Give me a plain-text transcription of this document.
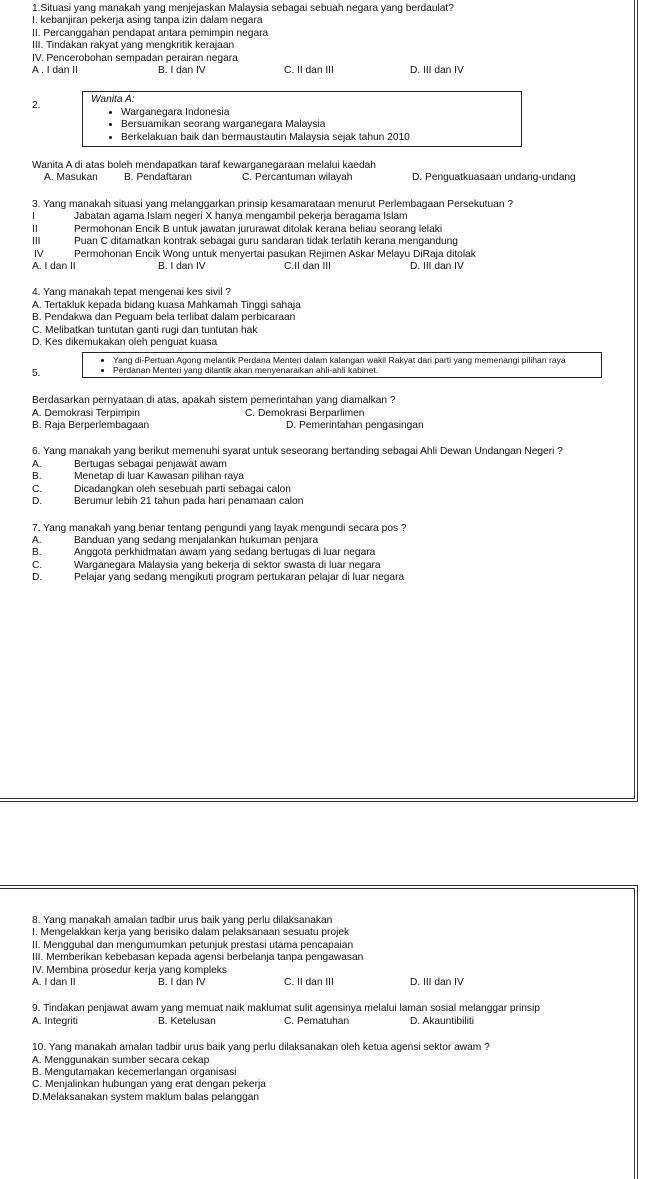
1.Situasi yang manakah yang menjejaskan Malaysia sebagai sebuah negara yang berdaulat?
I. kebanjiran pekerja asing tanpa izin dalam negara
II. Percanggahan pendapat antara pemimpin negara
III. Tindakan rakyat yang mengkritik kerajaan
IV. Pencerobohan sempadan perairan negara
A . I dan II	B. I dan IV	C. II dan III	D. III dan IV
2.
Wanita A:
• Warganegara Indonesia
• Bersuamikan seorang warganegara Malaysia
• Berkelakuan baik dan bermaustautin Malaysia sejak tahun 2010
Wanita A di atas boleh mendapatkan taraf kewarganegaraan melalui kaedah
A. Masukan	B. Pendaftaran	C. Percantuman wilayah	D. Penguatkuasaan undang-undang
3. Yang manakah situasi yang melanggarkan prinsip kesamarataan menurut Perlembagaan Persekutuan ?
I	Jabatan agama Islam negeri X hanya mengambil pekerja beragama Islam
II	Permohonan Encik B untuk jawatan jururawat ditolak kerana beliau seorang lelaki
III	Puan C ditamatkan kontrak sebagai guru sandaran tidak terlatih kerana mengandung
IV	Permohonan Encik Wong untuk menyertai pasukan Rejimen Askar Melayu DiRaja ditolak
A. I dan II	B. I dan IV	C.II dan III	D. III dan IV
4. Yang manakah tepat mengenai kes sivil ?
A. Tertakluk kepada bidang kuasa Mahkamah Tinggi sahaja
B. Pendakwa dan Peguam bela terlibat dalam perbicaraan
C. Melibatkan tuntutan ganti rugi dan tuntutan hak
D. Kes dikemukakan oleh penguat kuasa
5.
• Yang di-Pertuan Agong melantik Perdana Menteri dalam kalangan wakil Rakyat dari parti yang memenangi pilihan raya
• Perdanan Menteri yang dilantik akan menyenaraikan ahli-ahli kabinet.
Berdasarkan pernyataan di atas, apakah sistem pemerintahan yang diamalkan ?
A. Demokrasi Terpimpin	C. Demokrasi Berparlimen
B. Raja Berperlembagaan	D. Pemerintahan pengasingan
6. Yang manakah yang berikut memenuhi syarat untuk seseorang bertanding sebagai Ahli Dewan Undangan Negeri ?
A.	Bertugas sebagai penjawat awam
B.	Menetap di luar Kawasan pilihan raya
C.	Dicadangkan oleh sesebuah parti sebagai calon
D.	Berumur lebih 21 tahun pada hari penamaan calon
7. Yang manakah yang benar tentang pengundi yang layak mengundi secara pos ?
A.	Banduan yang sedang menjalankan hukuman penjara
B.	Anggota perkhidmatan awam yang sedang bertugas di luar negara
C.	Warganegara Malaysia yang bekerja di sektor swasta di luar negara
D.	Pelajar yang sedang mengikuti program pertukaran pelajar di luar negara
8. Yang manakah amalan tadbir urus baik yang perlu dilaksanakan
I. Mengelakkan kerja yang berisiko dalam pelaksanaan sesuatu projek
II. Menggubal dan mengumumkan petunjuk prestasi utama pencapaian
III. Memberikan kebebasan kepada agensi berbelanja tanpa pengawasan
IV. Membina prosedur kerja yang kompleks
A. I dan II	B. I dan IV	C. II dan III	D. III dan IV
9. Tindakan penjawat awam yang memuat naik maklumat sulit agensinya melalui laman sosial melanggar prinsip
A. Integriti	B. Ketelusan	C. Pematuhan	D. Akauntibiliti
10. Yang manakah amalan tadbir urus baik yang perlu dilaksanakan oleh ketua agensi sektor awam ?
A. Menggunakan sumber secara cekap
B. Mengutamakan kecemerlangan organisasi
C. Menjalinkan hubungan yang erat dengan pekerja
D.Melaksanakan system maklum balas pelanggan
